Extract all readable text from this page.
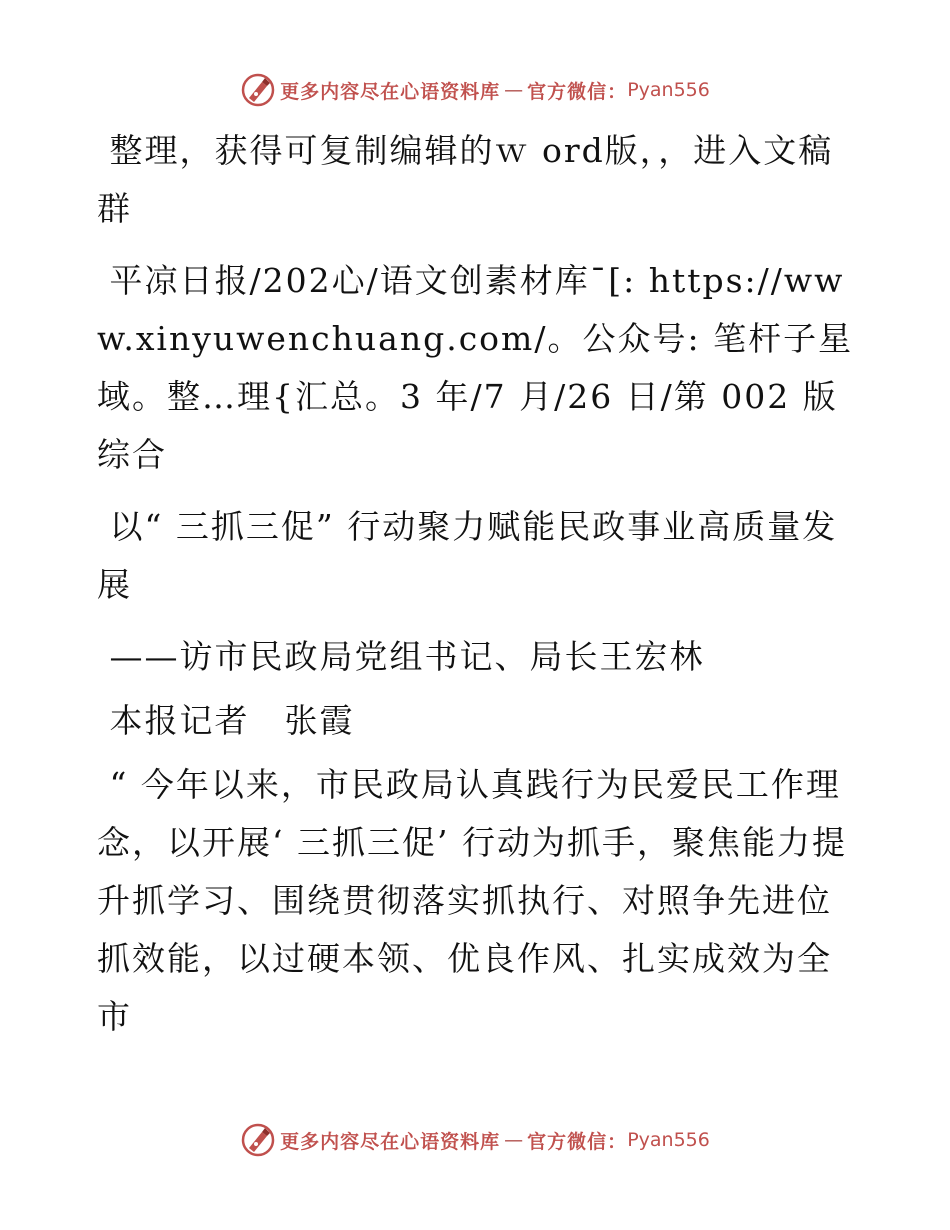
更多内容尽在心语资料库 — 官方微信： Pyan556

整理，获得可复制编辑的ｗ ord版，，进入文稿群

平凉日报/202心/语文创素材库¯[: https://www.xinyuwenchuang.com/。公众号: 笔杆子星域。整…理{汇总。3 年/7 月/26 日/第 002 版综合

以“ 三抓三促” 行动聚力赋能民政事业高质量发展

——访市民政局党组书记、局长王宏林

本报记者　张霞

“ 今年以来，市民政局认真践行为民爱民工作理念，以开展‘ 三抓三促’ 行动为抓手，聚焦能力提升抓学习、围绕贯彻落实抓执行、对照争先进位抓效能，以过硬本领、优良作风、扎实成效为全市

更多内容尽在心语资料库 — 官方微信： Pyan556
